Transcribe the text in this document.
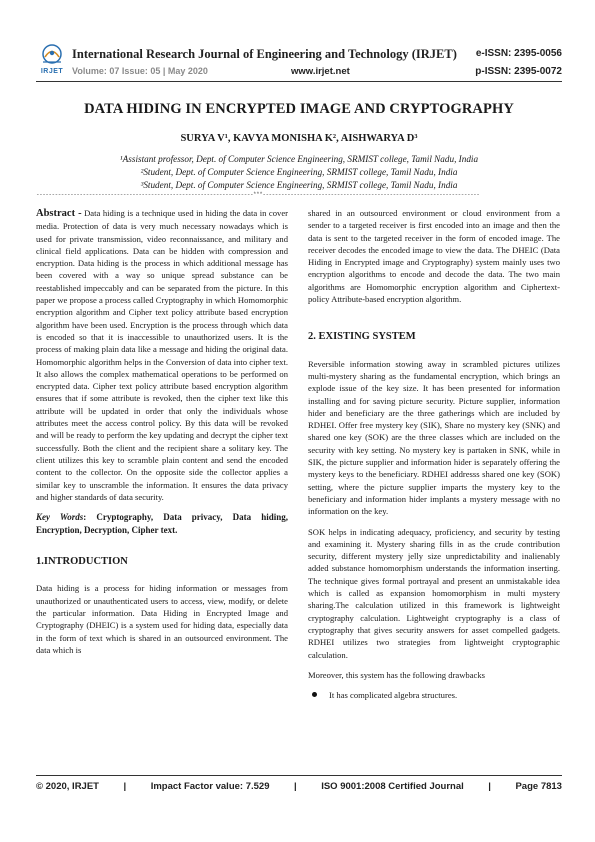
IRJET
International Research Journal of Engineering and Technology (IRJET) e-ISSN: 2395-0056
Volume: 07 Issue: 05 | May 2020	www.irjet.net	p-ISSN: 2395-0072
DATA HIDING IN ENCRYPTED IMAGE AND CRYPTOGRAPHY
SURYA V¹, KAVYA MONISHA K², AISHWARYA D³
¹Assistant professor, Dept. of Computer Science Engineering, SRMIST college, Tamil Nadu, India
²Student, Dept. of Computer Science Engineering, SRMIST college, Tamil Nadu, India
³Student, Dept. of Computer Science Engineering, SRMIST college, Tamil Nadu, India
----------------------------------------------------------------------***----------------------------------------------------------------------

Abstract - Data hiding is a technique used in hiding the data in cover media. Protection of data is very much necessary nowadays which is used for private transmission, video reconnaissance, and military and clinical field applications. Data can be hidden with compression and encryption. Data hiding is the process in which additional message has been covered with a way so unique spread substance can be reestablished impeccably and can be separated from the picture. In this paper we propose a process called Cryptography in which Homomorphic encryption algorithm and Cipher text policy attribute based encryption algorithm have been used. Encryption is the process through which data is encoded so that it is inaccessible to unauthorized users. It is the process of making plain data like a message and hiding the original data. Homomorphic algorithm helps in the Conversion of data into cipher text. It also allows the complex mathematical operations to be performed on encrypted data. Cipher text policy attribute based encryption algorithm ensures that if some attribute is revoked, then the cipher text like this attribute will be updated in order that only the individuals whose attributes meet the access control policy. By this data will be revoked and will be ready to perform the key updating and decrypt the cipher text successfully. Both the client and the recipient share a solitary key. The client utilizes this key to scramble plain content and send the encoded content to the collector. On the opposite side the collector applies a similar key to unscramble the information. It ensures the data privacy and higher standards of data security.

Key Words: Cryptography, Data privacy, Data hiding, Encryption, Decryption, Cipher text.
1.INTRODUCTION

Data hiding is a process for hiding information or messages from unauthorized or unauthenticated users to access, view, modify, or delete the particular information. Data Hiding in Encrypted Image and Cryptography (DHEIC) is a system used for hiding data, especially data in the form of text which is shared in an outsourced environment. The data which is

shared in an outsourced environment or cloud environment from a sender to a targeted receiver is first encoded into an image and then the data is sent to the targeted receiver in the form of encoded image. The receiver decodes the encoded image to view the data. The DHEIC (Data Hiding in Encrypted image and Cryptography) system mainly uses two encryption algorithms to encode and decode the data. The two main algorithms are Homomorphic encryption algorithm and Ciphertext-policy Attribute-based encryption algorithm.

2. EXISTING SYSTEM

Reversible information stowing away in scrambled pictures utilizes multi-mystery sharing as the fundamental encryption, which brings an explode issue of the key size. It has been presented for information installing and for saving picture security. Picture supplier, information hider and beneficiary are the three gatherings which are included by RDHEI. Offer free mystery key (SIK), Share no mystery key (SNK) and shared one key (SOK) are the three classes which are included on the security with key setting. No mystery key is partaken in SNK, while in SIK, the picture supplier and information hider is separately offering the mystery keys to the beneficiary. RDHEI addresss shared one key (SOK) setting, where the picture supplier imparts the mystery key to the beneficiary and information hider implants a mystery message with no information on the key.

SOK helps in indicating adequacy, proficiency, and security by testing and examining it. Mystery sharing fills in as the crude contribution security, different mystery jelly size unpredictability and inalienably added substance homomorphism understands the information inserting. The technique gives formal portrayal and present an unmistakable idea which is called as expansion homomorphism in multi mystery sharing.The calculation utilized in this framework is lightweight cryptography calculation. Lightweight cryptography is a class of cryptography that gives security answers for asset compelled gadgets. RDHEI utilizes two strategies from lightweight cryptographic calculation.

Moreover, this system has the following drawbacks

It has complicated algebra structures.
© 2020, IRJET	|	Impact Factor value: 7.529	|	ISO 9001:2008 Certified Journal	|	Page 7813
